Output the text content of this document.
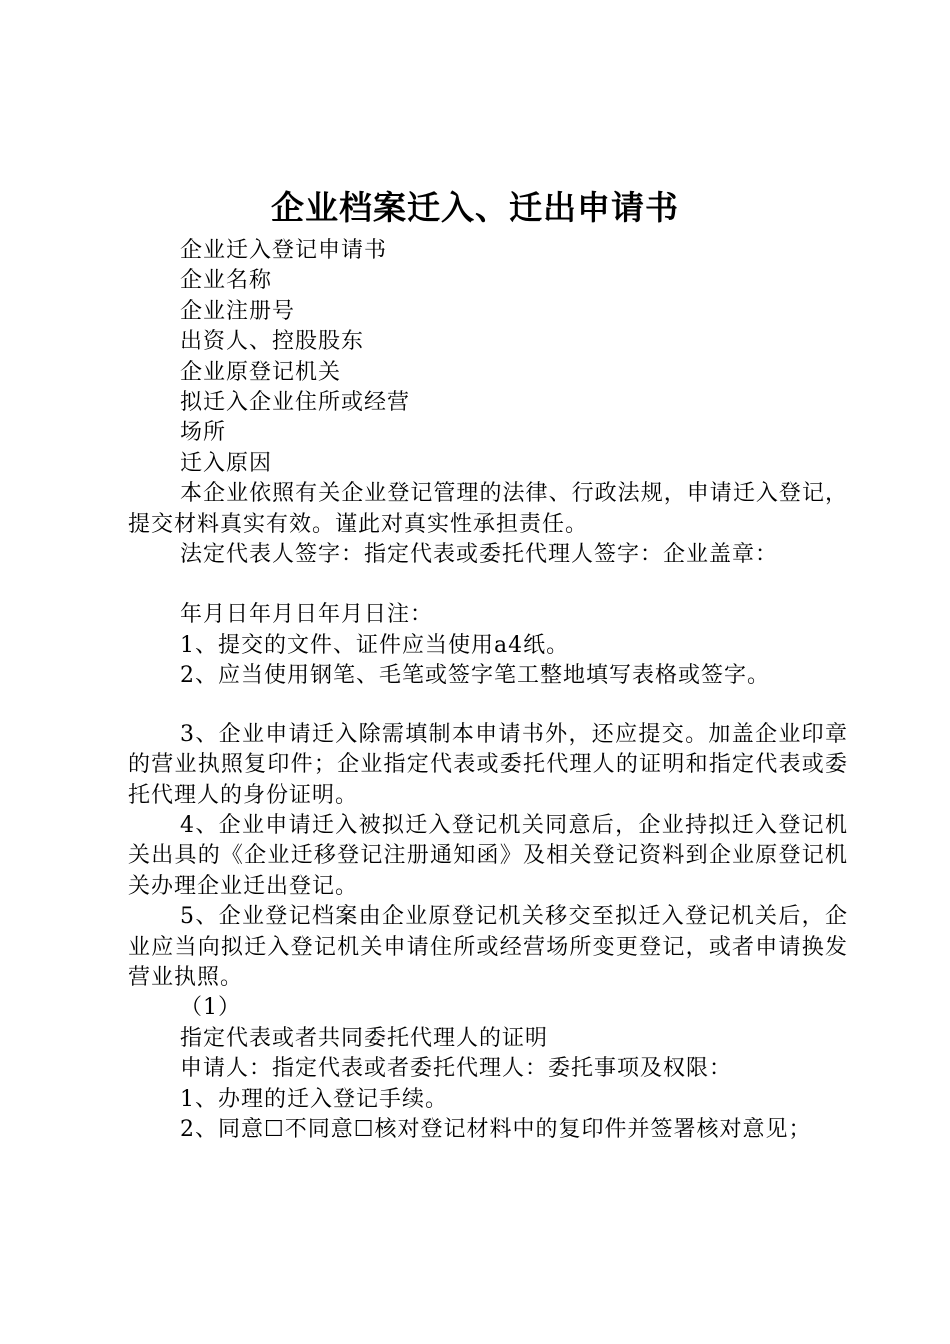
企业档案迁入、迁出申请书

企业迁入登记申请书

企业名称

企业注册号

出资人、控股股东

企业原登记机关

拟迁入企业住所或经营

场所

迁入原因

本企业依照有关企业登记管理的法律、行政法规，申请迁入登记，提交材料真实有效。谨此对真实性承担责任。

法定代表人签字：指定代表或委托代理人签字：企业盖章：

年月日年月日年月日注：

1、提交的文件、证件应当使用a4纸。

2、应当使用钢笔、毛笔或签字笔工整地填写表格或签字。

3、企业申请迁入除需填制本申请书外，还应提交。加盖企业印章的营业执照复印件；企业指定代表或委托代理人的证明和指定代表或委托代理人的身份证明。

4、企业申请迁入被拟迁入登记机关同意后，企业持拟迁入登记机关出具的《企业迁移登记注册通知函》及相关登记资料到企业原登记机关办理企业迁出登记。

5、企业登记档案由企业原登记机关移交至拟迁入登记机关后，企业应当向拟迁入登记机关申请住所或经营场所变更登记，或者申请换发营业执照。

（1）

指定代表或者共同委托代理人的证明

申请人：指定代表或者委托代理人：委托事项及权限：

1、办理的迁入登记手续。

2、同意☐不同意☐核对登记材料中的复印件并签署核对意见；
